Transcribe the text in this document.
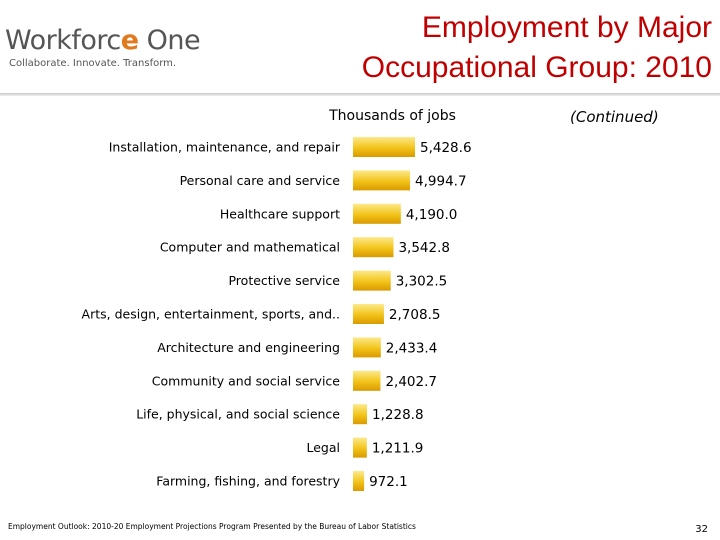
Workforce One
Collaborate. Innovate. Transform.
Employment by Major
Occupational Group: 2010
Thousands of jobs	(Continued)
Installation, maintenance, and repair	5,428.6
Personal care and service	4,994.7
Healthcare support	4,190.0
Computer and mathematical	3,542.8
Protective service	3,302.5
Arts, design, entertainment, sports, and..	2,708.5
Architecture and engineering	2,433.4
Community and social service	2,402.7
Life, physical, and social science 1,228.8
Legal 1,211.9
Farming, fishing, and forestry 972.1
Employment Outlook: 2010-20 Employment Projections Program Presented by the Bureau of Labor Statistics	32
